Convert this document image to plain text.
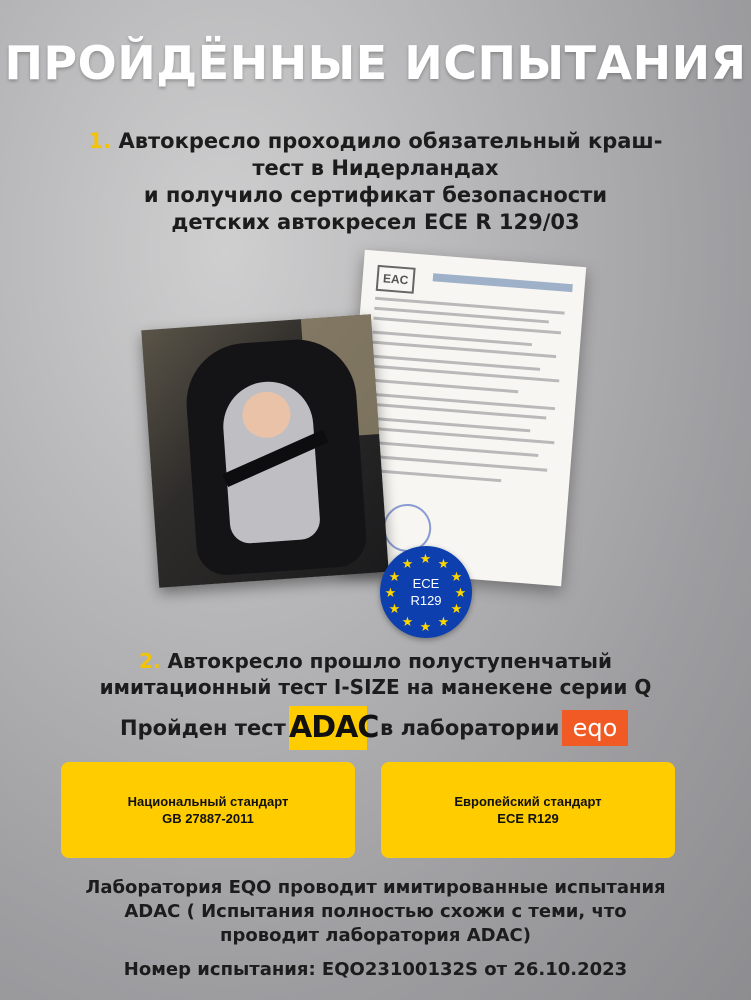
ПРОЙДЁННЫЕ ИСПЫТАНИЯ
1. Автокресло проходило обязательный краш-
тест в Нидерландах
и получило сертификат безопасности
детских автокресел ECE R 129/03
EAC
★ ★
★
★
★
★
★
★
★
★
★
★
ECE
R129
2. Автокресло прошло полуступенчатый
имитационный тест I-SIZE на манекене серии Q
Пройден тест ADAC в лаборатории eqo
Национальный стандарт
GB 27887-2011
Европейский стандарт
ECE R129
Лаборатория EQO проводит имитированные испытания
ADAC ( Испытания полностью схожи с теми, что
проводит лаборатория ADAC)
Номер испытания: EQO23100132S от 26.10.2023
